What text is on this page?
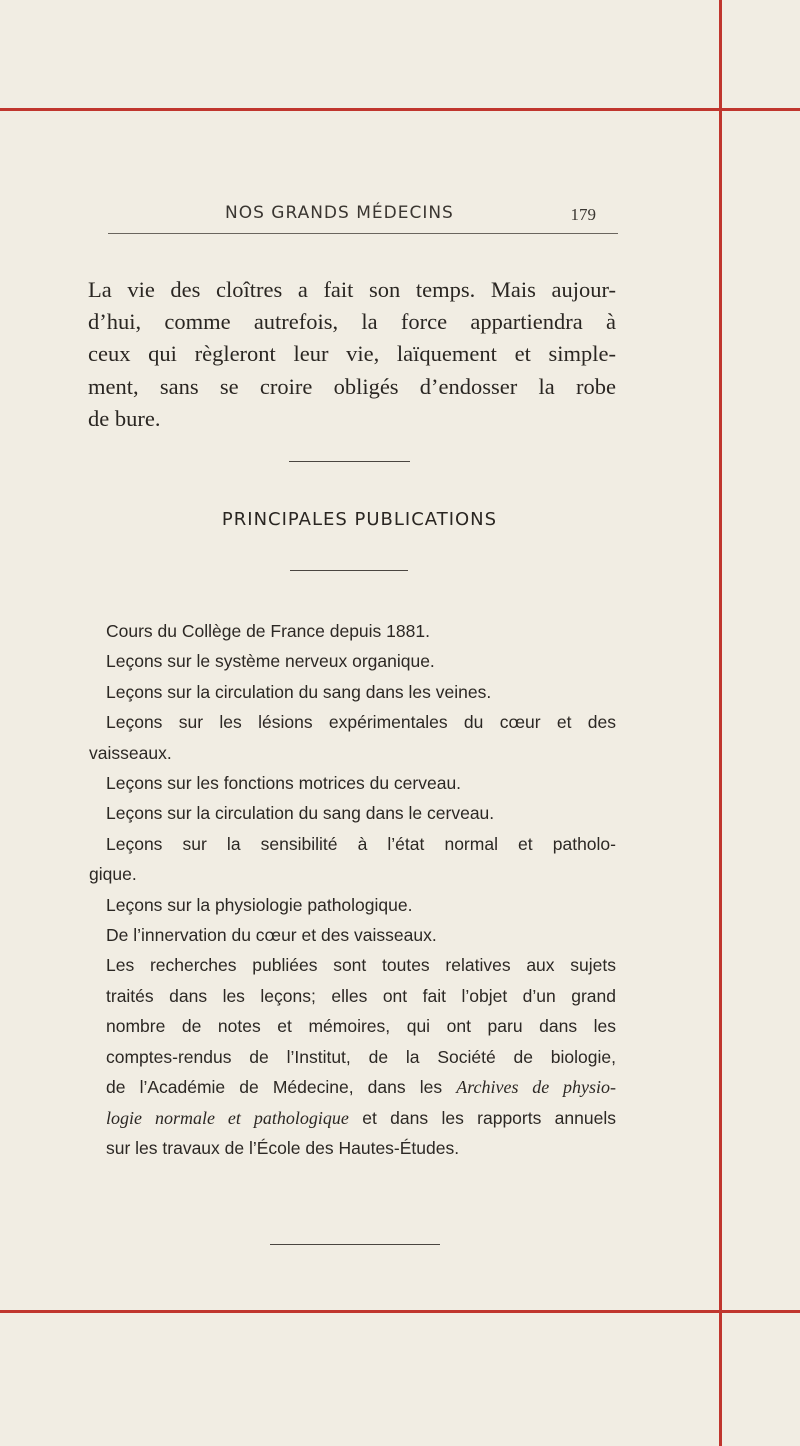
NOS GRANDS MÉDECINS	179

La vie des cloîtres a fait son temps. Mais aujour-
d’hui, comme autrefois, la force appartiendra à
ceux qui règleront leur vie, laïquement et simple-
ment, sans se croire obligés d’endosser la robe
de bure.

PRINCIPALES PUBLICATIONS
Cours du Collège de France depuis 1881.
Leçons sur le système nerveux organique.
Leçons sur la circulation du sang dans les veines.
Leçons sur les lésions expérimentales du cœur et des
vaisseaux.
Leçons sur les fonctions motrices du cerveau.
Leçons sur la circulation du sang dans le cerveau.
Leçons sur la sensibilité à l’état normal et patholo-
gique.
Leçons sur la physiologie pathologique.
De l’innervation du cœur et des vaisseaux.
Les recherches publiées sont toutes relatives aux sujets
traités dans les leçons; elles ont fait l’objet d’un grand
nombre de notes et mémoires, qui ont paru dans les
comptes-rendus de l’Institut, de la Société de biologie,
de l’Académie de Médecine, dans les Archives de physio-
logie normale et pathologique et dans les rapports annuels
sur les travaux de l’École des Hautes-Études.
